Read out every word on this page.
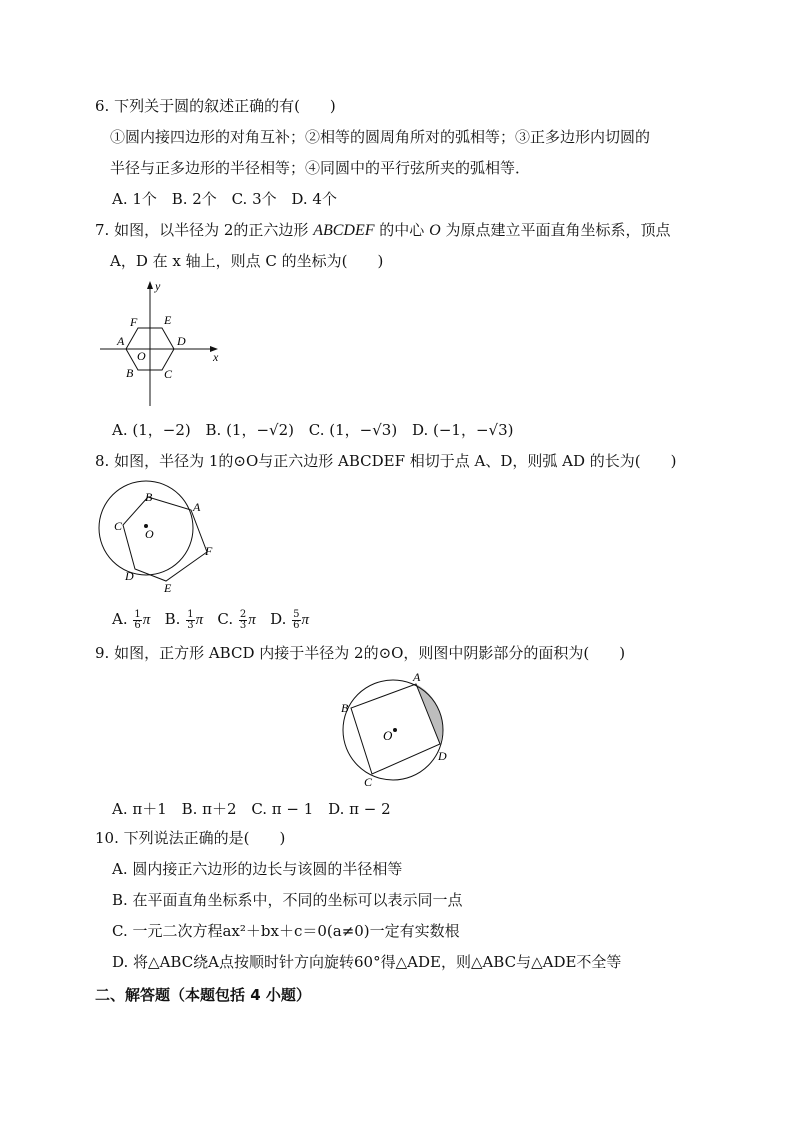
6. 下列关于圆的叙述正确的有(　　)
①圆内接四边形的对角互补；②相等的圆周角所对的弧相等；③正多边形内切圆的
半径与正多边形的半径相等；④同圆中的平行弦所夹的弧相等．
A. 1个 B. 2个 C. 3个 D. 4个
7. 如图，以半径为 2的正六边形 ABCDEF 的中心 O 为原点建立平面直角坐标系，顶点
A，D 在 x 轴上，则点 C 的坐标为(　　)
y
x
F E
A
O
D
B	C
A. (1，−2) B. (1，−√2) C. (1，−√3) D. (−1，−√3)
8. 如图，半径为 1的⊙O与正六边形 ABCDEF 相切于点 A、D，则弧 AD 的长为(　　)
B
A
C
O
F
D
E
A. $\frac{1}{6}$ π B. $\frac{1}{3}$ π C. $\frac{2}{3}$ π D. $\frac{5}{6}$ π
9. 如图，正方形 ABCD 内接于半径为 2的⊙O，则图中阴影部分的面积为(　　)
A
B
O
D
C
A. π＋1 B. π＋2 C. π − 1 D. π − 2
10. 下列说法正确的是(　　)
A. 圆内接正六边形的边长与该圆的半径相等
B. 在平面直角坐标系中，不同的坐标可以表示同一点
C. 一元二次方程ax²＋bx＋c＝0(a≠0)一定有实数根
D. 将△ABC绕A点按顺时针方向旋转60°得△ADE，则△ABC与△ADE不全等
二、解答题（本题包括 4 小题）
